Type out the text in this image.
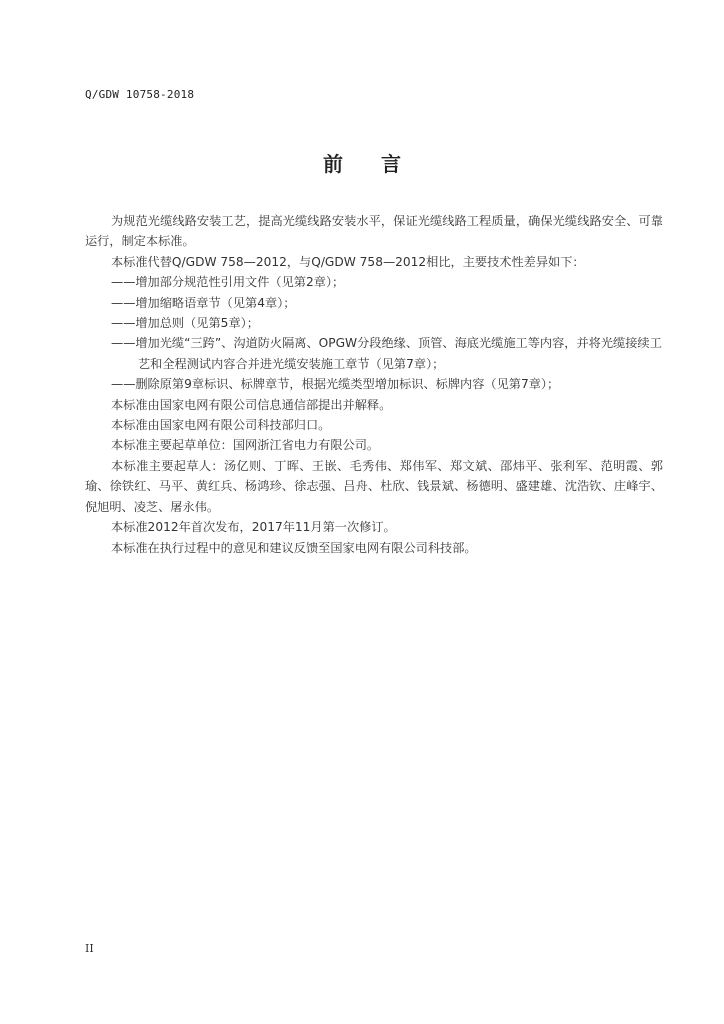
Q/GDW 10758-2018
前 言

为规范光缆线路安装工艺，提高光缆线路安装水平，保证光缆线路工程质量，确保光缆线路安全、可靠运行，制定本标准。

本标准代替Q/GDW 758—2012，与Q/GDW 758—2012相比，主要技术性差异如下：

——增加部分规范性引用文件（见第2章）；

——增加缩略语章节（见第4章）；

——增加总则（见第5章）；

——增加光缆“三跨”、沟道防火隔离、OPGW分段绝缘、顶管、海底光缆施工等内容，并将光缆接续工艺和全程测试内容合并进光缆安装施工章节（见第7章）；

——删除原第9章标识、标牌章节，根据光缆类型增加标识、标牌内容（见第7章）；

本标准由国家电网有限公司信息通信部提出并解释。

本标准由国家电网有限公司科技部归口。

本标准主要起草单位：国网浙江省电力有限公司。

本标准主要起草人：汤亿则、丁晖、王嵌、毛秀伟、郑伟军、郑文斌、邵炜平、张利军、范明霞、郭瑜、徐铁红、马平、黄红兵、杨鸿珍、徐志强、吕舟、杜欣、钱景斌、杨德明、盛建雄、沈浩钦、庄峰宇、倪旭明、凌芝、屠永伟。

本标准2012年首次发布，2017年11月第一次修订。

本标准在执行过程中的意见和建议反馈至国家电网有限公司科技部。

II
